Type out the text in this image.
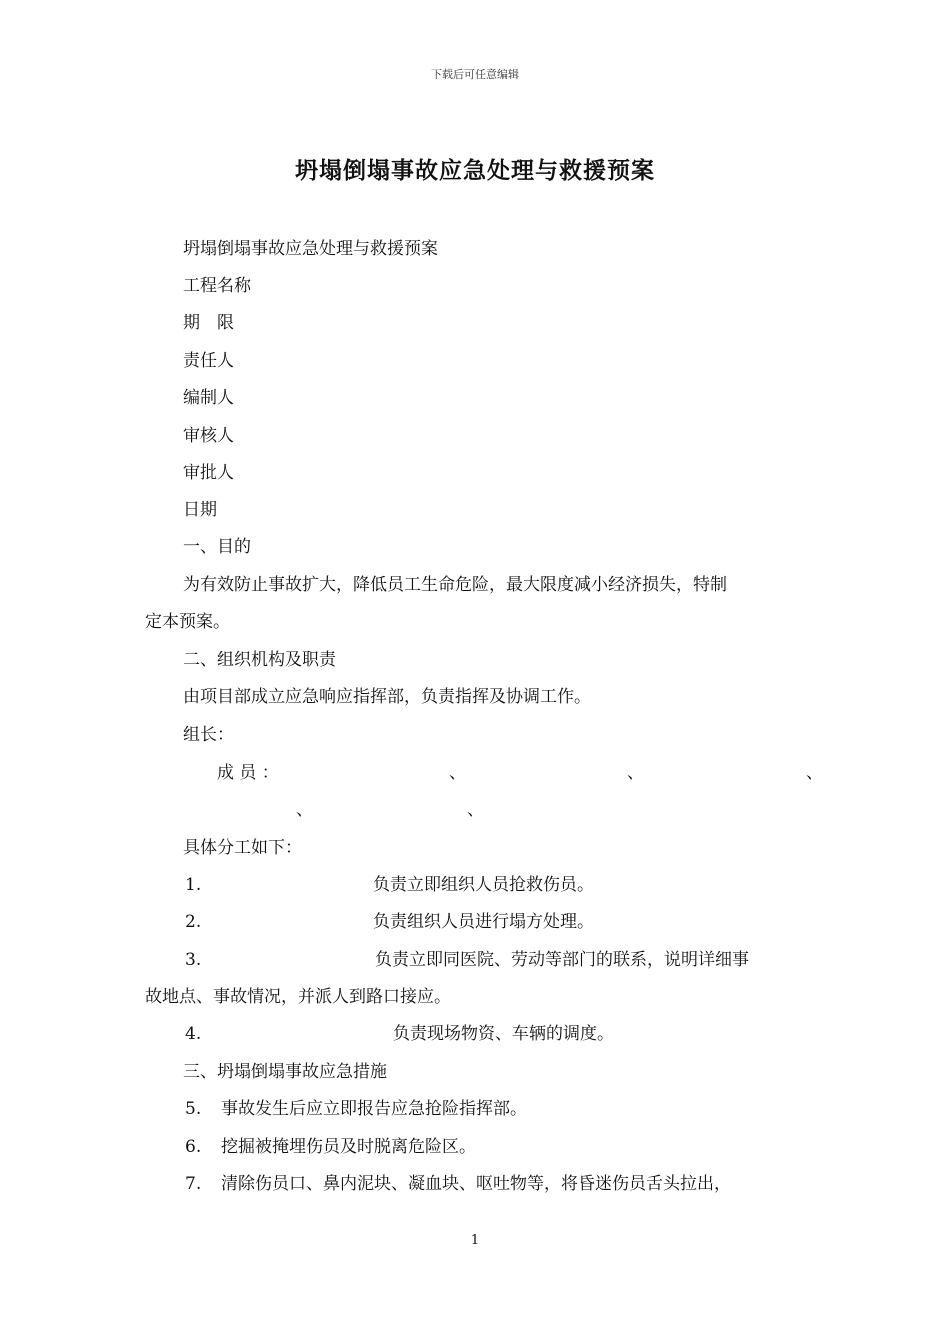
下载后可任意编辑
坍塌倒塌事故应急处理与救援预案
坍塌倒塌事故应急处理与救援预案
工程名称
期　限
责任人
编制人
审核人
审批人
日期
一、目的
为有效防止事故扩大，降低员工生命危险，最大限度减小经济损失，特制
定本预案。
二、组织机构及职责
由项目部成立应急响应指挥部，负责指挥及协调工作。
组长：
成 员 ：	、	、	、
、	、
具体分工如下：
1.	负责立即组织人员抢救伤员。
2.	负责组织人员进行塌方处理。
3.	负责立即同医院、劳动等部门的联系，说明详细事
故地点、事故情况，并派人到路口接应。
4.	负责现场物资、车辆的调度。
三、坍塌倒塌事故应急措施
5. 事故发生后应立即报告应急抢险指挥部。
6. 挖掘被掩埋伤员及时脱离危险区。
7. 清除伤员口、鼻内泥块、凝血块、呕吐物等，将昏迷伤员舌头拉出，
1
